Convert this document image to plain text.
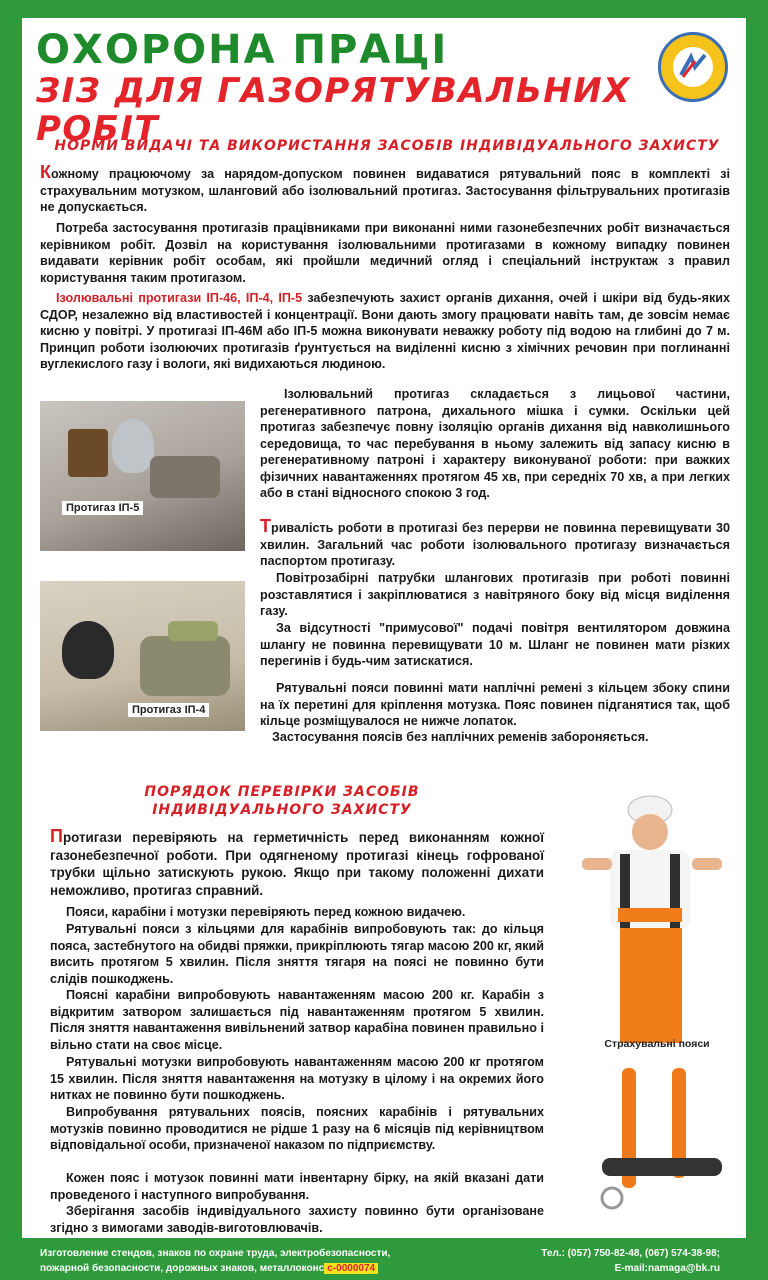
ОХОРОНА ПРАЦІ
ЗІЗ ДЛЯ ГАЗОРЯТУВАЛЬНИХ РОБІТ
НОРМИ ВИДАЧІ ТА ВИКОРИСТАННЯ ЗАСОБІВ ІНДИВІДУАЛЬНОГО ЗАХИСТУ

Кожному працюючому за нарядом-допуском повинен видаватися рятувальний пояс в комплекті зі страхувальним мотузком, шланговий або ізолювальний протигаз. Застосування фільтрувальних протигазів не допускається.

Потреба застосування протигазів працівниками при виконанні ними газонебезпечних робіт визначається керівником робіт. Дозвіл на користування ізолювальними протигазами в кожному випадку повинен видавати керівник робіт особам, які пройшли медичний огляд і спеціальний інструктаж з правил користування таким протигазом.

Ізолювальні протигази ІП-46, ІП-4, ІП-5 забезпечують захист органів дихання, очей і шкіри від будь-яких СДОР, незалежно від властивостей і концентрації. Вони дають змогу працювати навіть там, де зовсім немає кисню у повітрі. У протигазі ІП-46М або ІП-5 можна виконувати неважку роботу під водою на глибині до 7 м. Принцип роботи ізолюючих протигазів ґрунтується на виділенні кисню з хімічних речовин при поглинанні вуглекислого газу і вологи, які видихаються людиною.

Протигаз ІП-5
Протигаз ІП-4

Ізолювальний протигаз складається з лицьової частини, регенеративного патрона, дихального мішка і сумки. Оскільки цей протигаз забезпечує повну ізоляцію органів дихання від навколишнього середовища, то час перебування в ньому залежить від запасу кисню в регенеративному патроні і характеру виконуваної роботи: при важких фізичних навантаженнях протягом 45 хв, при середніх 70 хв, а при легких або в стані відносного спокою 3 год.

Тривалість роботи в протигазі без перерви не повинна перевищувати 30 хвилин. Загальний час роботи ізолювального протигазу визначається паспортом протигазу.

Повітрозабірні патрубки шлангових протигазів при роботі повинні розставлятися і закріплюватися з навітряного боку від місця виділення газу.

За відсутності "примусової" подачі повітря вентилятором довжина шлангу не повинна перевищувати 10 м. Шланг не повинен мати різких перегинів і будь-чим затискатися.

Рятувальні пояси повинні мати наплічні ремені з кільцем збоку спини на їх перетині для кріплення мотузка. Пояс повинен підганятися так, щоб кільце розміщувалося не нижче лопаток.

Застосування поясів без наплічних ременів забороняється.

ПОРЯДОК ПЕРЕВІРКИ ЗАСОБІВ ІНДИВІДУАЛЬНОГО ЗАХИСТУ

Протигази перевіряють на герметичність перед виконанням кожної газонебезпечної роботи. При одягненому протигазі кінець гофрованої трубки щільно затискують рукою. Якщо при такому положенні дихати неможливо, протигаз справний.

Пояси, карабіни і мотузки перевіряють перед кожною видачею.

Рятувальні пояси з кільцями для карабінів випробовують так: до кільця пояса, застебнутого на обидві пряжки, прикріплюють тягар масою 200 кг, який висить протягом 5 хвилин. Після зняття тягаря на поясі не повинно бути слідів пошкоджень.

Поясні карабіни випробовують навантаженням масою 200 кг. Карабін з відкритим затвором залишається під навантаженням протягом 5 хвилин. Після зняття навантаження вивільнений затвор карабіна повинен правильно і вільно стати на своє місце.

Рятувальні мотузки випробовують навантаженням масою 200 кг протягом 15 хвилин. Після зняття навантаження на мотузку в цілому і на окремих його нитках не повинно бути пошкоджень.

Випробування рятувальних поясів, поясних карабінів і рятувальних мотузків повинно проводитися не рідше 1 разу на 6 місяців під керівництвом відповідальної особи, призначеної наказом по підприємству.

Кожен пояс і мотузок повинні мати інвентарну бірку, на якій вказані дати проведеного і наступного випробування.

Зберігання засобів індивідуального захисту повинно бути організоване згідно з вимогами заводів-виготовлювачів.

Страхувальні пояси
Изготовление стендов, знаков по охране труда, электробезопасности,
пожарной безопасности, дорожных знаков, металлоконс c-0000074
Тел.: (057) 750-82-48, (067) 574-38-98;
E-mail:namaga@bk.ru
